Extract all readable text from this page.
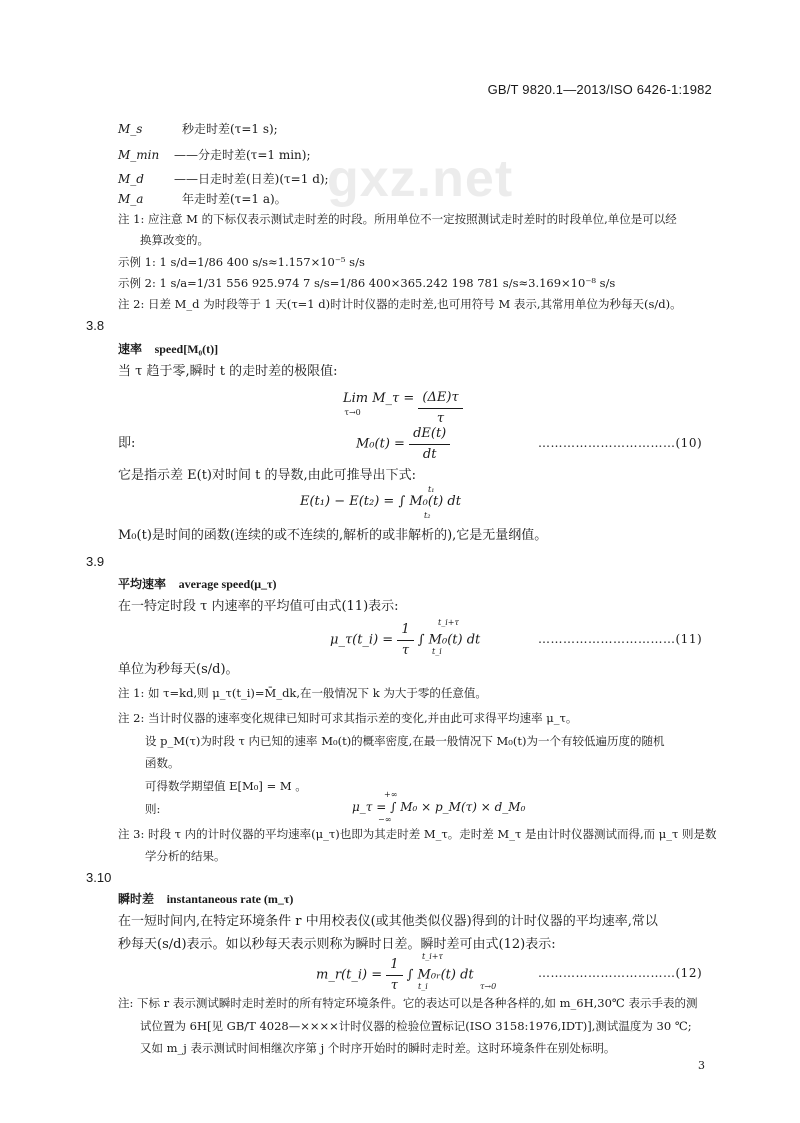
GB/T 9820.1—2013/ISO 6426-1:1982
gxz.net
M_s	秒走时差(τ=1 s);
M_min ——分走时差(τ=1 min);
M_d	——日走时差(日差)(τ=1 d);
M_a	年走时差(τ=1 a)。
注 1: 应注意 M 的下标仅表示测试走时差的时段。所用单位不一定按照测试走时差时的时段单位,单位是可以经
换算改变的。
示例 1: 1 s/d=1/86 400 s/s≈1.157×10⁻⁵ s/s
示例 2: 1 s/a=1/31 556 925.974 7 s/s=1/86 400×365.242 198 781 s/s≈3.169×10⁻⁸ s/s
注 2: 日差 M_d 为时段等于 1 天(τ=1 d)时计时仪器的走时差,也可用符号 M 表示,其常用单位为秒每天(s/d)。
3.8
速率 speed[M₀(t)]
当 τ 趋于零,瞬时 t 的走时差的极限值:
Lim M_τ =
$^{\tau\to 0}$	$\frac{(\Delta E)\tau}{\tau}$
即:	$M_0(t) = \frac{dE(t)}{dt}$	……………………………(10)
它是指示差 E(t)对时间 t 的导数,由此可推导出下式:
E(t₁) − E(t₂) = ∫ M₀(t) dt
t₁
t₂
M₀(t)是时间的函数(连续的或不连续的,解析的或非解析的),它是无量纲值。
3.9
平均速率 average speed(μ_τ)
在一特定时段 τ 内速率的平均值可由式(11)表示:
μ_τ(t_i) = $\frac{1}{\tau}$ ∫ M₀(t) dt
t_i+τ
t_i
……………………………(11)
单位为秒每天(s/d)。
注 1: 如 τ=kd,则 μ_τ(t_i)=M̄_dk,在一般情况下 k 为大于零的任意值。
注 2: 当计时仪器的速率变化规律已知时可求其指示差的变化,并由此可求得平均速率 μ_τ。
设 p_M(τ)为时段 τ 内已知的速率 M₀(t)的概率密度,在最一般情况下 M₀(t)为一个有较低遍历度的随机
函数。
可得数学期望值 E[M₀] = M 。
则:	μ_τ = ∫ M₀ × p_M(τ) × d_M₀
+∞
−∞
注 3: 时段 τ 内的计时仪器的平均速率(μ_τ)也即为其走时差 M_τ。走时差 M_τ 是由计时仪器测试而得,而 μ_τ 则是数
学分析的结果。
3.10
瞬时差 instantaneous rate (m_τ)
在一短时间内,在特定环境条件 r 中用校表仪(或其他类似仪器)得到的计时仪器的平均速率,常以
秒每天(s/d)表示。如以秒每天表示则称为瞬时日差。瞬时差可由式(12)表示:
m_r(t_i) = $\frac{1}{\tau}$ ∫ M₀ᵣ(t) dt
t_i+τ
t_i	τ→0
……………………………(12)
注: 下标 r 表示测试瞬时走时差时的所有特定环境条件。它的表达可以是各种各样的,如 m_6H,30℃ 表示手表的测
试位置为 6H[见 GB/T 4028—××××计时仪器的检验位置标记(ISO 3158:1976,IDT)],测试温度为 30 ℃;
又如 m_j 表示测试时间相继次序第 j 个时序开始时的瞬时走时差。这时环境条件在别处标明。
3
